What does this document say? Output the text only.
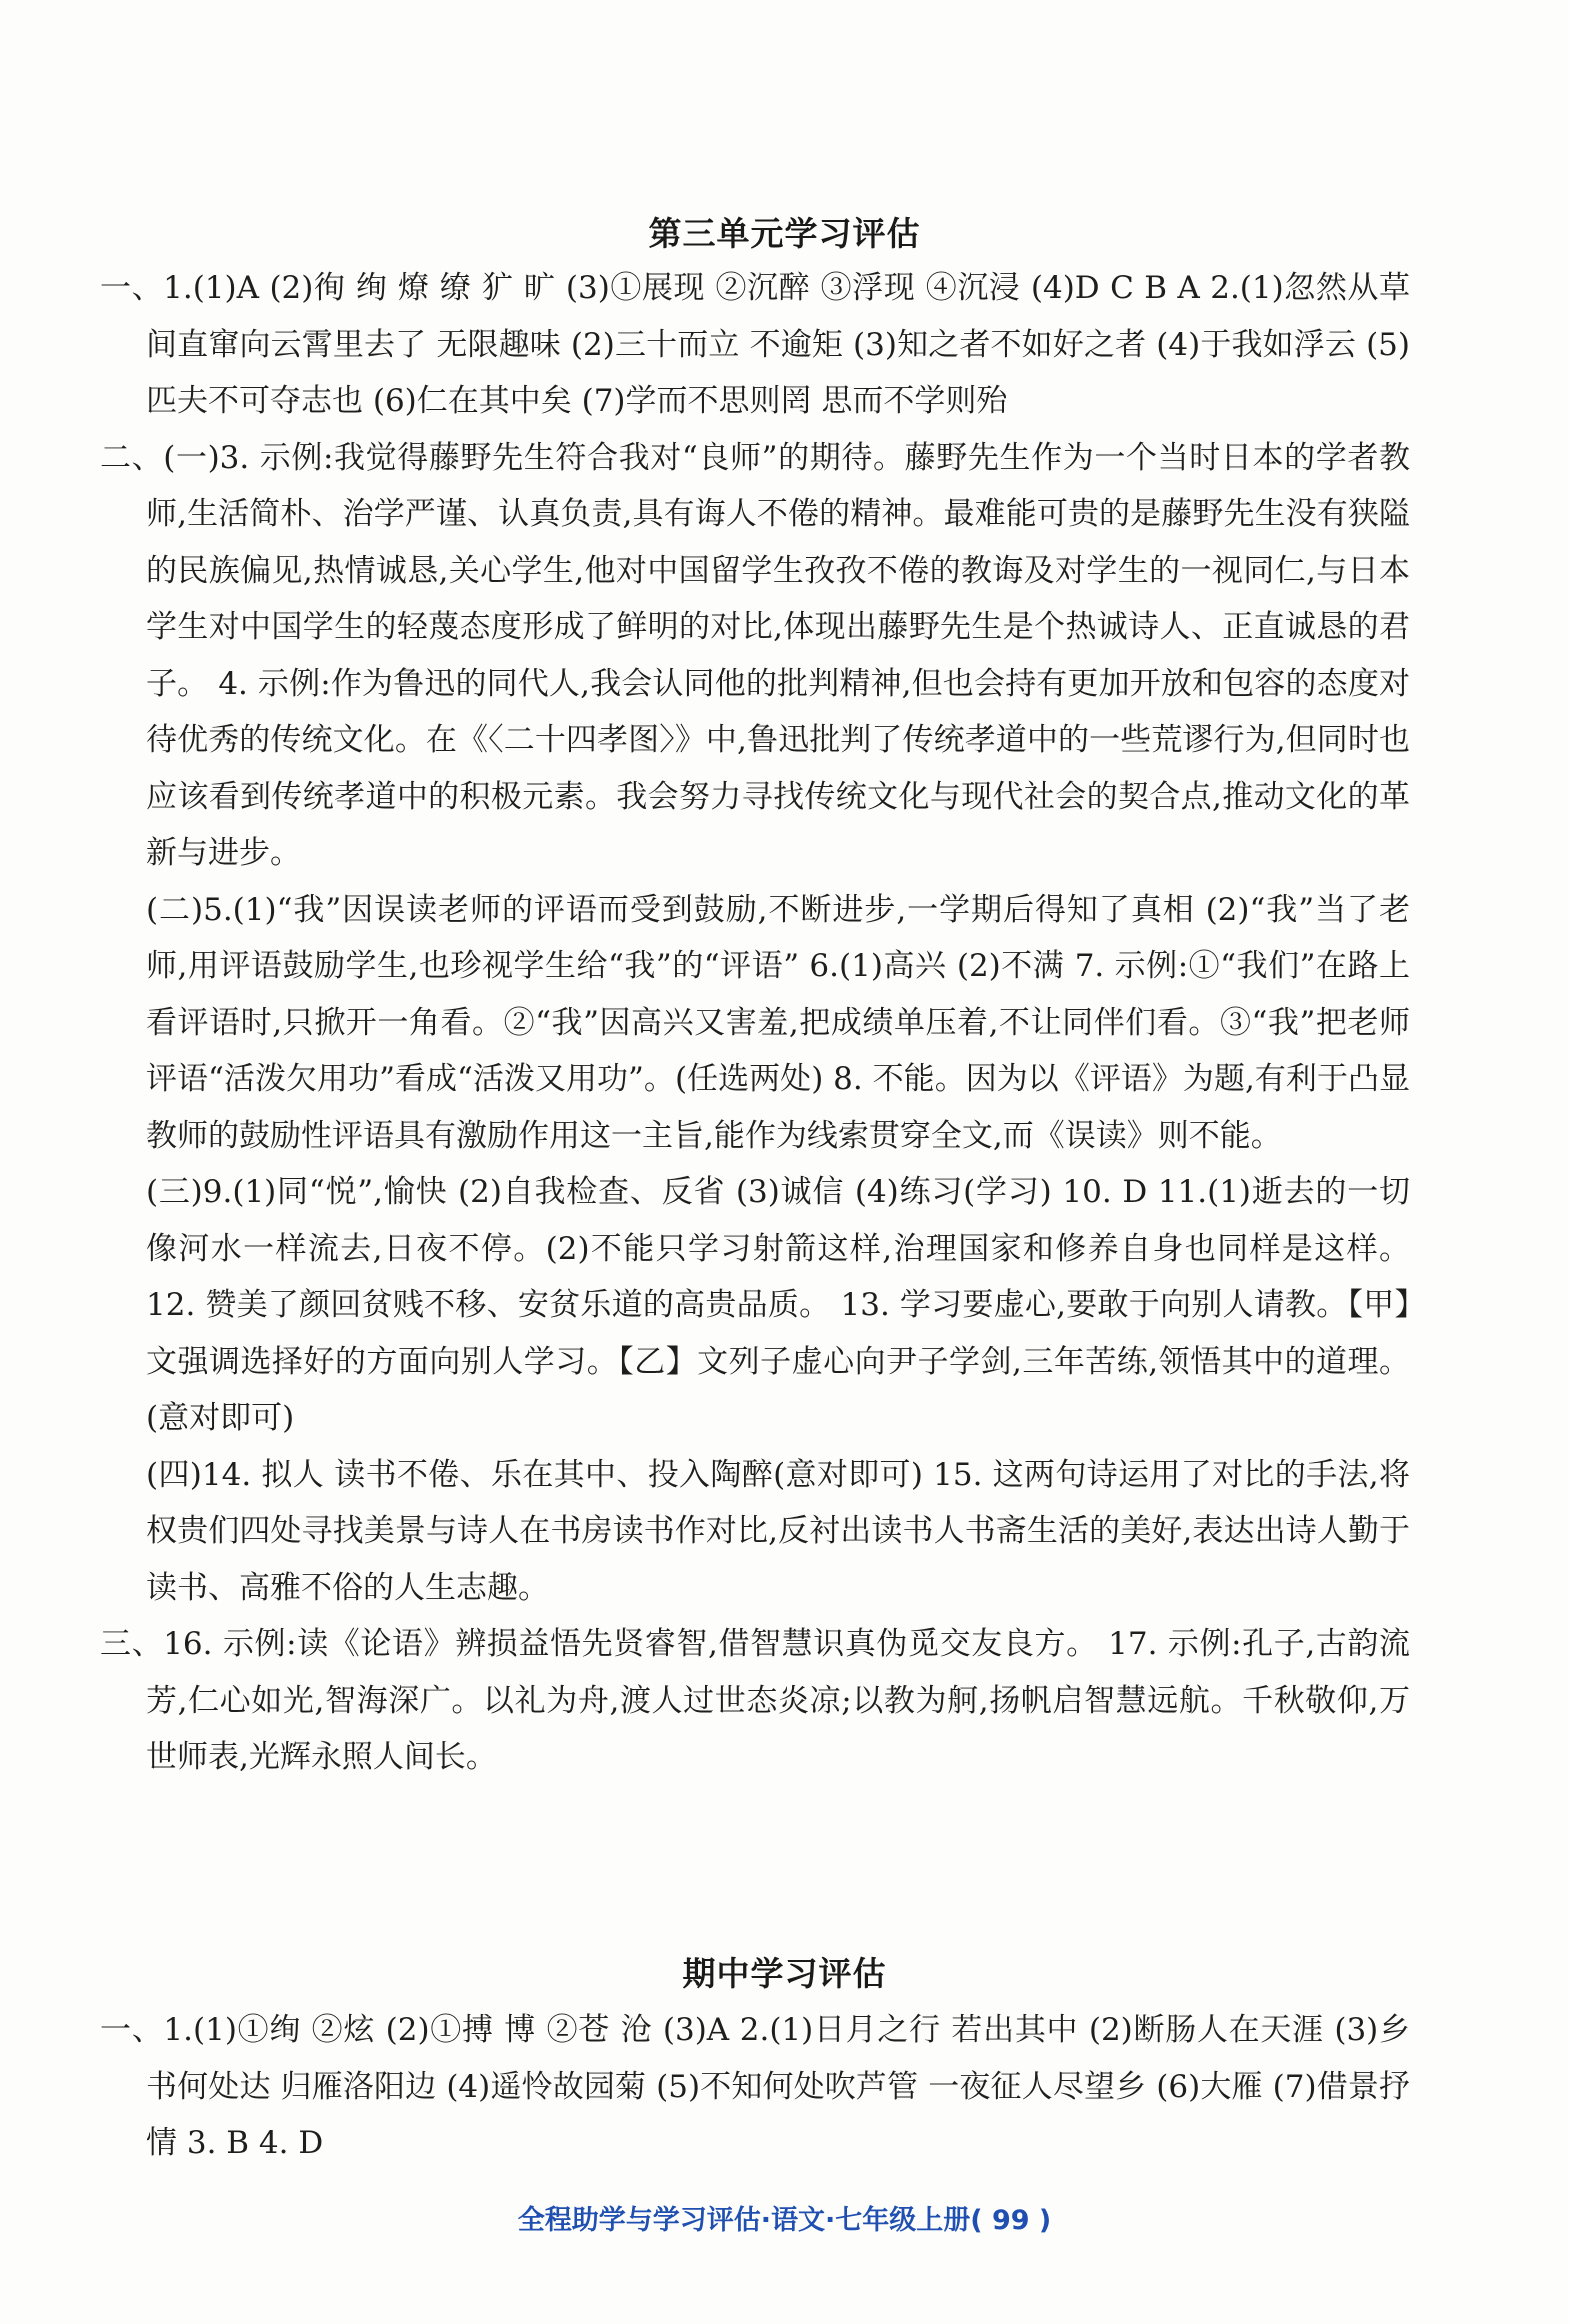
第三单元学习评估

一、1.(1)A (2)徇 绚 燎 缭 犷 旷 (3)①展现 ②沉醉 ③浮现 ④沉浸 (4)D C B A 2.(1)忽然从草间直窜向云霄里去了 无限趣味 (2)三十而立 不逾矩 (3)知之者不如好之者 (4)于我如浮云 (5)匹夫不可夺志也 (6)仁在其中矣 (7)学而不思则罔 思而不学则殆

二、(一)3. 示例:我觉得藤野先生符合我对“良师”的期待。藤野先生作为一个当时日本的学者教师,生活简朴、治学严谨、认真负责,具有诲人不倦的精神。最难能可贵的是藤野先生没有狭隘的民族偏见,热情诚恳,关心学生,他对中国留学生孜孜不倦的教诲及对学生的一视同仁,与日本学生对中国学生的轻蔑态度形成了鲜明的对比,体现出藤野先生是个热诚诗人、正直诚恳的君子。 4. 示例:作为鲁迅的同代人,我会认同他的批判精神,但也会持有更加开放和包容的态度对待优秀的传统文化。在《〈二十四孝图〉》中,鲁迅批判了传统孝道中的一些荒谬行为,但同时也应该看到传统孝道中的积极元素。我会努力寻找传统文化与现代社会的契合点,推动文化的革新与进步。

(二)5.(1)“我”因误读老师的评语而受到鼓励,不断进步,一学期后得知了真相 (2)“我”当了老师,用评语鼓励学生,也珍视学生给“我”的“评语” 6.(1)高兴 (2)不满 7. 示例:①“我们”在路上看评语时,只掀开一角看。②“我”因高兴又害羞,把成绩单压着,不让同伴们看。③“我”把老师评语“活泼欠用功”看成“活泼又用功”。(任选两处) 8. 不能。因为以《评语》为题,有利于凸显教师的鼓励性评语具有激励作用这一主旨,能作为线索贯穿全文,而《误读》则不能。

(三)9.(1)同“悦”,愉快 (2)自我检查、反省 (3)诚信 (4)练习(学习) 10. D 11.(1)逝去的一切像河水一样流去,日夜不停。(2)不能只学习射箭这样,治理国家和修养自身也同样是这样。 12. 赞美了颜回贫贱不移、安贫乐道的高贵品质。 13. 学习要虚心,要敢于向别人请教。【甲】文强调选择好的方面向别人学习。【乙】文列子虚心向尹子学剑,三年苦练,领悟其中的道理。(意对即可)

(四)14. 拟人 读书不倦、乐在其中、投入陶醉(意对即可) 15. 这两句诗运用了对比的手法,将权贵们四处寻找美景与诗人在书房读书作对比,反衬出读书人书斋生活的美好,表达出诗人勤于读书、高雅不俗的人生志趣。

三、16. 示例:读《论语》辨损益悟先贤睿智,借智慧识真伪觅交友良方。 17. 示例:孔子,古韵流芳,仁心如光,智海深广。以礼为舟,渡人过世态炎凉;以教为舸,扬帆启智慧远航。千秋敬仰,万世师表,光辉永照人间长。

期中学习评估

一、1.(1)①绚 ②炫 (2)①搏 博 ②苍 沧 (3)A 2.(1)日月之行 若出其中 (2)断肠人在天涯 (3)乡书何处达 归雁洛阳边 (4)遥怜故园菊 (5)不知何处吹芦管 一夜征人尽望乡 (6)大雁 (7)借景抒情 3. B 4. D

全程助学与学习评估·语文·七年级上册( 99 )
